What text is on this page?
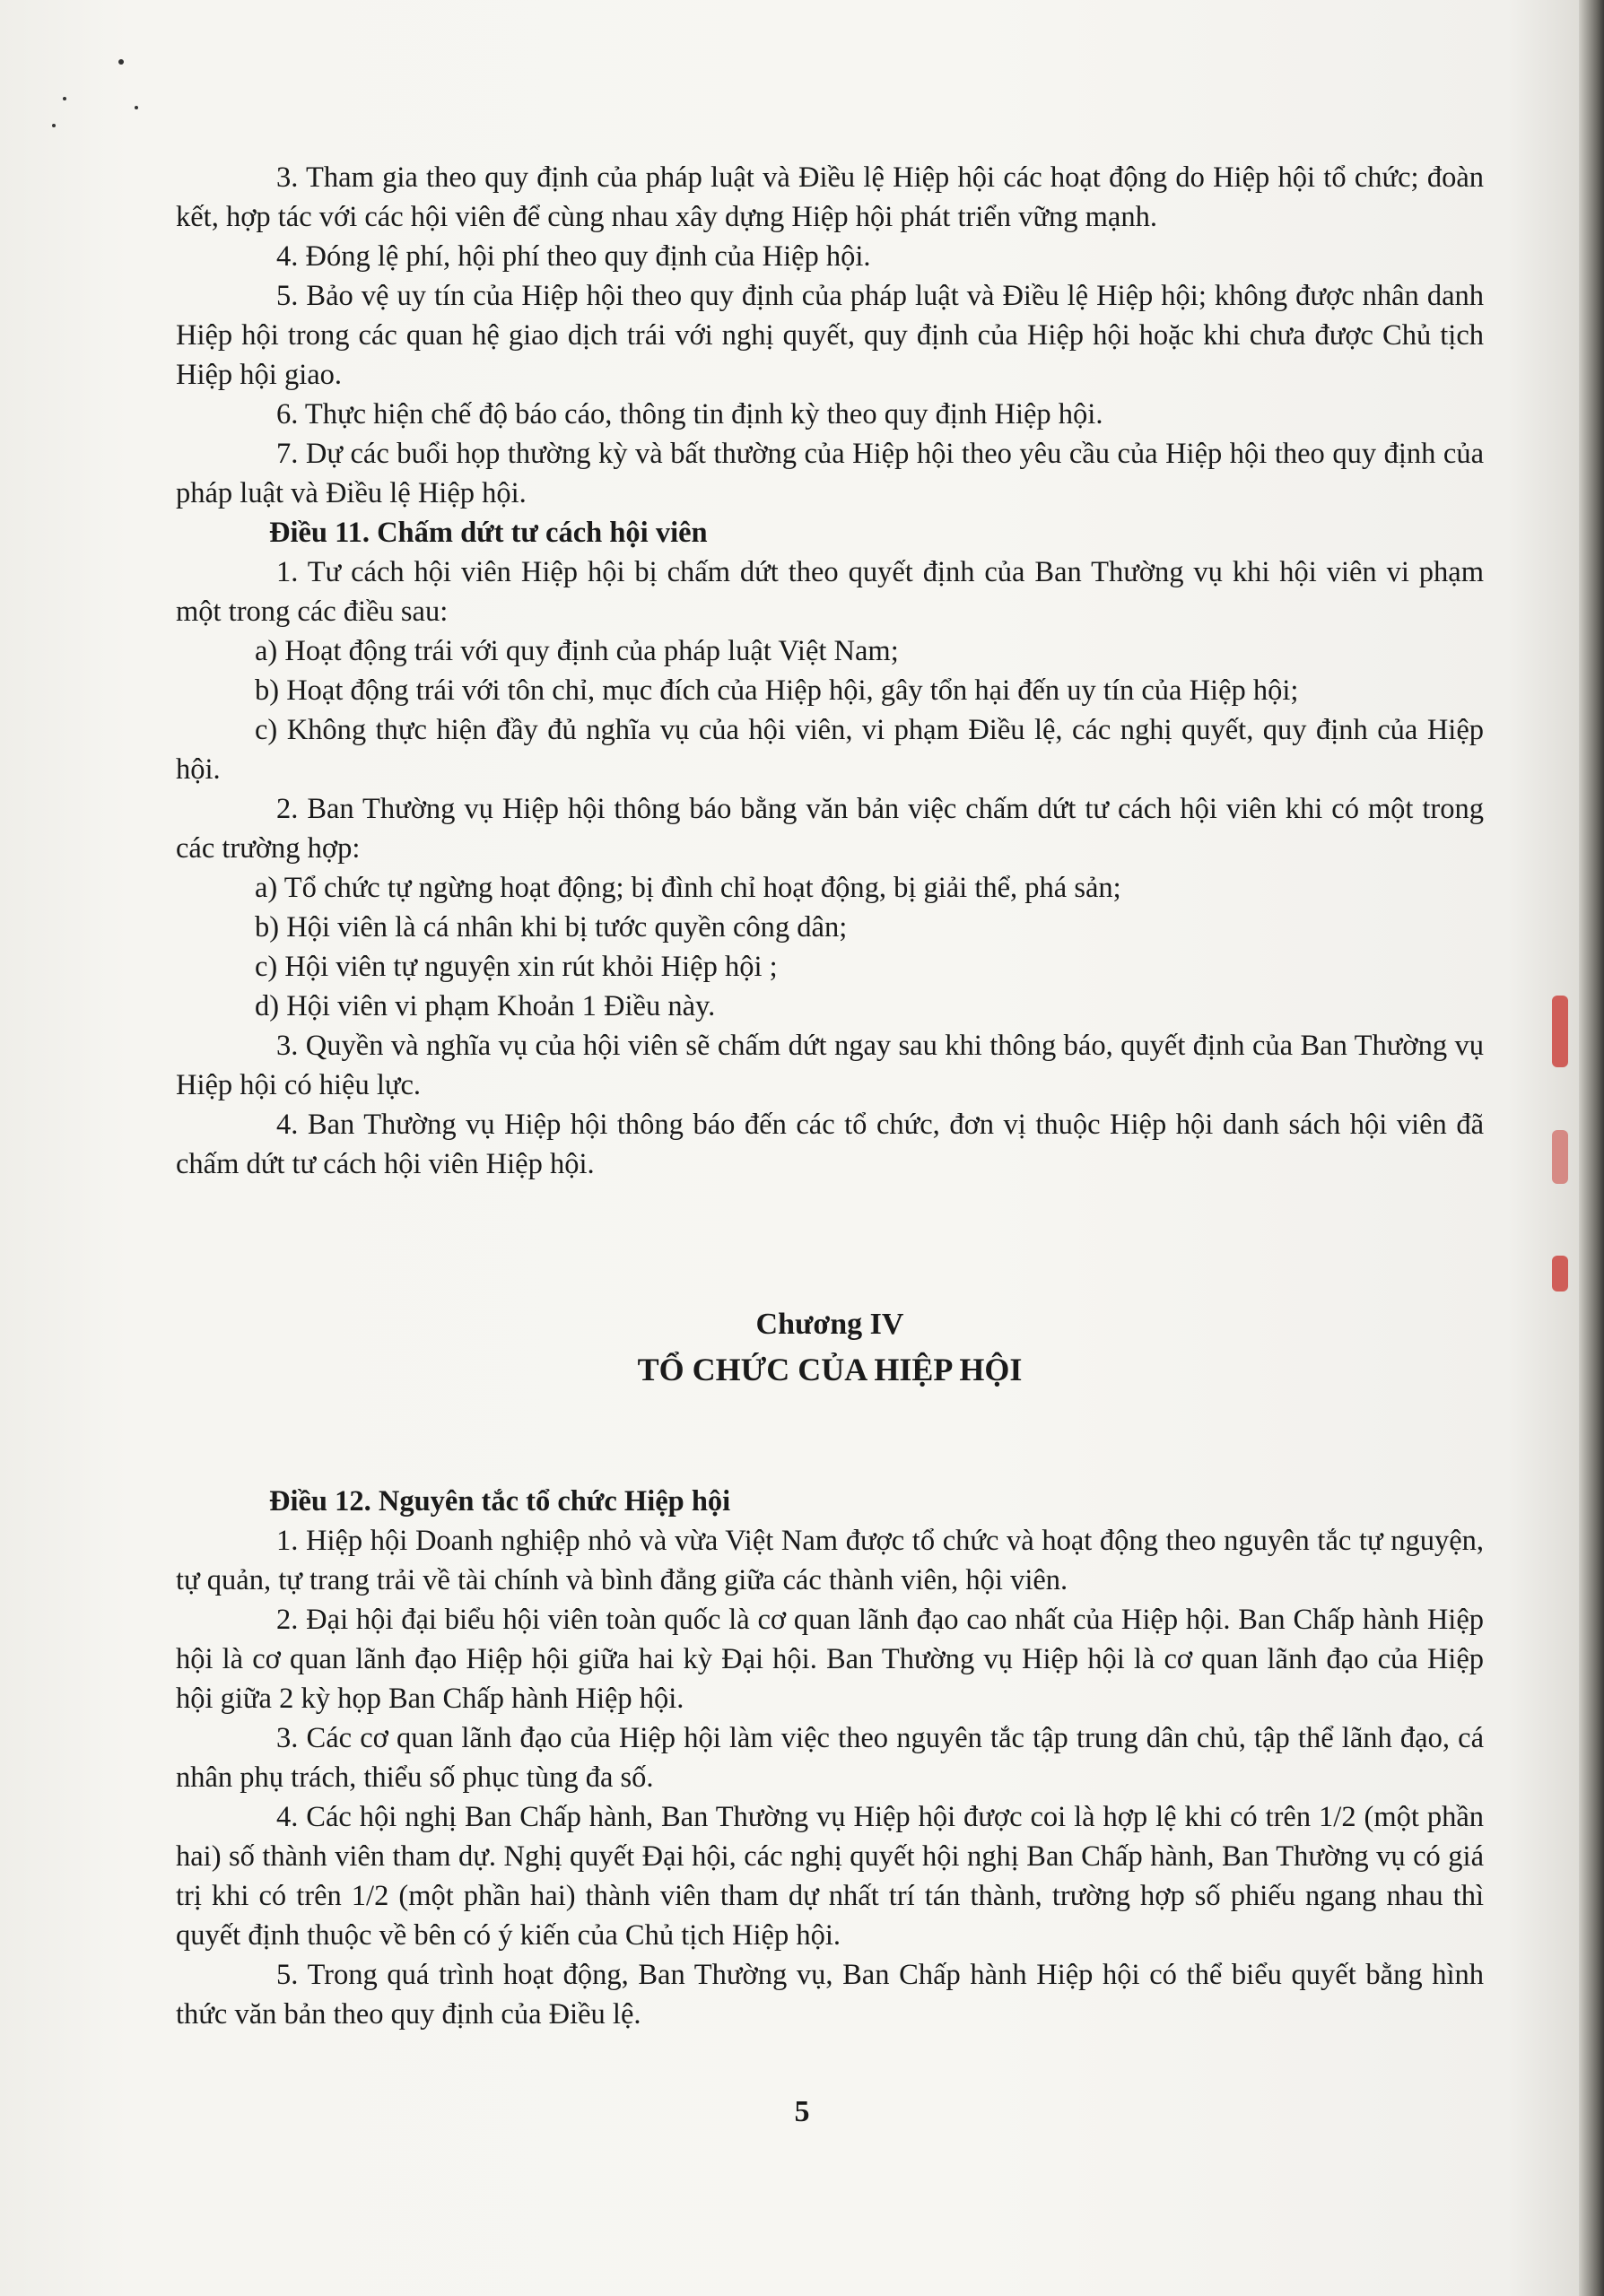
3. Tham gia theo quy định của pháp luật và Điều lệ Hiệp hội các hoạt động do Hiệp hội tổ chức; đoàn kết, hợp tác với các hội viên để cùng nhau xây dựng Hiệp hội phát triển vững mạnh.

4. Đóng lệ phí, hội phí theo quy định của Hiệp hội.

5. Bảo vệ uy tín của Hiệp hội theo quy định của pháp luật và Điều lệ Hiệp hội; không được nhân danh Hiệp hội trong các quan hệ giao dịch trái với nghị quyết, quy định của Hiệp hội hoặc khi chưa được Chủ tịch Hiệp hội giao.

6. Thực hiện chế độ báo cáo, thông tin định kỳ theo quy định Hiệp hội.

7. Dự các buổi họp thường kỳ và bất thường của Hiệp hội theo yêu cầu của Hiệp hội theo quy định của pháp luật và Điều lệ Hiệp hội.

Điều 11. Chấm dứt tư cách hội viên

1. Tư cách hội viên Hiệp hội bị chấm dứt theo quyết định của Ban Thường vụ khi hội viên vi phạm một trong các điều sau:

a) Hoạt động trái với quy định của pháp luật Việt Nam;

b) Hoạt động trái với tôn chỉ, mục đích của Hiệp hội, gây tổn hại đến uy tín của Hiệp hội;

c) Không thực hiện đầy đủ nghĩa vụ của hội viên, vi phạm Điều lệ, các nghị quyết, quy định của Hiệp hội.

2. Ban Thường vụ Hiệp hội thông báo bằng văn bản việc chấm dứt tư cách hội viên khi có một trong các trường hợp:

a) Tổ chức tự ngừng hoạt động; bị đình chỉ hoạt động, bị giải thể, phá sản;

b) Hội viên là cá nhân khi bị tước quyền công dân;

c) Hội viên tự nguyện xin rút khỏi Hiệp hội ;

d) Hội viên vi phạm Khoản 1 Điều này.

3. Quyền và nghĩa vụ của hội viên sẽ chấm dứt ngay sau khi thông báo, quyết định của Ban Thường vụ Hiệp hội có hiệu lực.

4. Ban Thường vụ Hiệp hội thông báo đến các tổ chức, đơn vị thuộc Hiệp hội danh sách hội viên đã chấm dứt tư cách hội viên Hiệp hội.

Chương IV
TỔ CHỨC CỦA HIỆP HỘI
Điều 12. Nguyên tắc tổ chức Hiệp hội

1. Hiệp hội Doanh nghiệp nhỏ và vừa Việt Nam được tổ chức và hoạt động theo nguyên tắc tự nguyện, tự quản, tự trang trải về tài chính và bình đẳng giữa các thành viên, hội viên.

2. Đại hội đại biểu hội viên toàn quốc là cơ quan lãnh đạo cao nhất của Hiệp hội. Ban Chấp hành Hiệp hội là cơ quan lãnh đạo Hiệp hội giữa hai kỳ Đại hội. Ban Thường vụ Hiệp hội là cơ quan lãnh đạo của Hiệp hội giữa 2 kỳ họp Ban Chấp hành Hiệp hội.

3. Các cơ quan lãnh đạo của Hiệp hội làm việc theo nguyên tắc tập trung dân chủ, tập thể lãnh đạo, cá nhân phụ trách, thiểu số phục tùng đa số.

4. Các hội nghị Ban Chấp hành, Ban Thường vụ Hiệp hội được coi là hợp lệ khi có trên 1/2 (một phần hai) số thành viên tham dự. Nghị quyết Đại hội, các nghị quyết hội nghị Ban Chấp hành, Ban Thường vụ có giá trị khi có trên 1/2 (một phần hai) thành viên tham dự nhất trí tán thành, trường hợp số phiếu ngang nhau thì quyết định thuộc về bên có ý kiến của Chủ tịch Hiệp hội.

5. Trong quá trình hoạt động, Ban Thường vụ, Ban Chấp hành Hiệp hội có thể biểu quyết bằng hình thức văn bản theo quy định của Điều lệ.

5
